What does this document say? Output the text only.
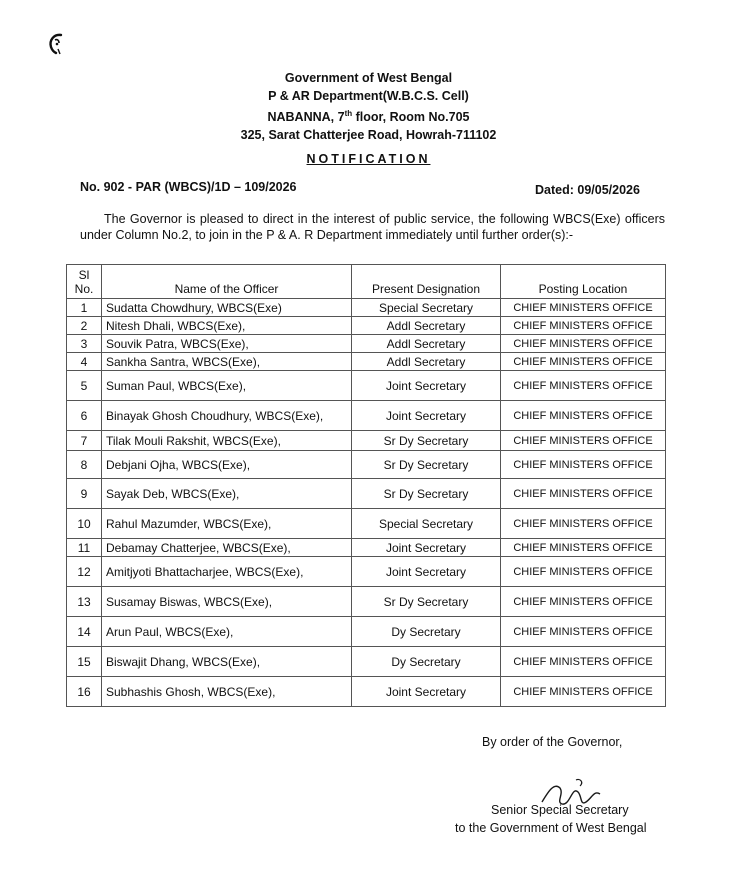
Government of West Bengal
P & AR Department(W.B.C.S. Cell)
NABANNA, 7th floor, Room No.705
325, Sarat Chatterjee Road, Howrah-711102
NOTIFICATION
No. 902 - PAR (WBCS)/1D – 109/2026	Dated: 09/05/2026
The Governor is pleased to direct in the interest of public service, the following WBCS(Exe) officers under Column No.2, to join in the P & A. R Department immediately until further order(s):-
Sl
No.	Name of the Officer	Present Designation	Posting Location
1	Sudatta Chowdhury, WBCS(Exe)	Special Secretary	CHIEF MINISTERS OFFICE
2	Nitesh Dhali, WBCS(Exe),	Addl Secretary	CHIEF MINISTERS OFFICE
3	Souvik Patra, WBCS(Exe),	Addl Secretary	CHIEF MINISTERS OFFICE
4	Sankha Santra, WBCS(Exe),	Addl Secretary	CHIEF MINISTERS OFFICE
5	Suman Paul, WBCS(Exe),	Joint Secretary	CHIEF MINISTERS OFFICE
6	Binayak Ghosh Choudhury, WBCS(Exe),	Joint Secretary	CHIEF MINISTERS OFFICE
7	Tilak Mouli Rakshit, WBCS(Exe),	Sr Dy Secretary	CHIEF MINISTERS OFFICE
8	Debjani Ojha, WBCS(Exe),	Sr Dy Secretary	CHIEF MINISTERS OFFICE
9	Sayak Deb, WBCS(Exe),	Sr Dy Secretary	CHIEF MINISTERS OFFICE
10	Rahul Mazumder, WBCS(Exe),	Special Secretary	CHIEF MINISTERS OFFICE
11	Debamay Chatterjee, WBCS(Exe),	Joint Secretary	CHIEF MINISTERS OFFICE
12	Amitjyoti Bhattacharjee, WBCS(Exe),	Joint Secretary	CHIEF MINISTERS OFFICE
13	Susamay Biswas, WBCS(Exe),	Sr Dy Secretary	CHIEF MINISTERS OFFICE
14	Arun Paul, WBCS(Exe),	Dy Secretary	CHIEF MINISTERS OFFICE
15	Biswajit Dhang, WBCS(Exe),	Dy Secretary	CHIEF MINISTERS OFFICE
16	Subhashis Ghosh, WBCS(Exe),	Joint Secretary	CHIEF MINISTERS OFFICE
By order of the Governor,
Senior Special Secretary
to the Government of West Bengal
